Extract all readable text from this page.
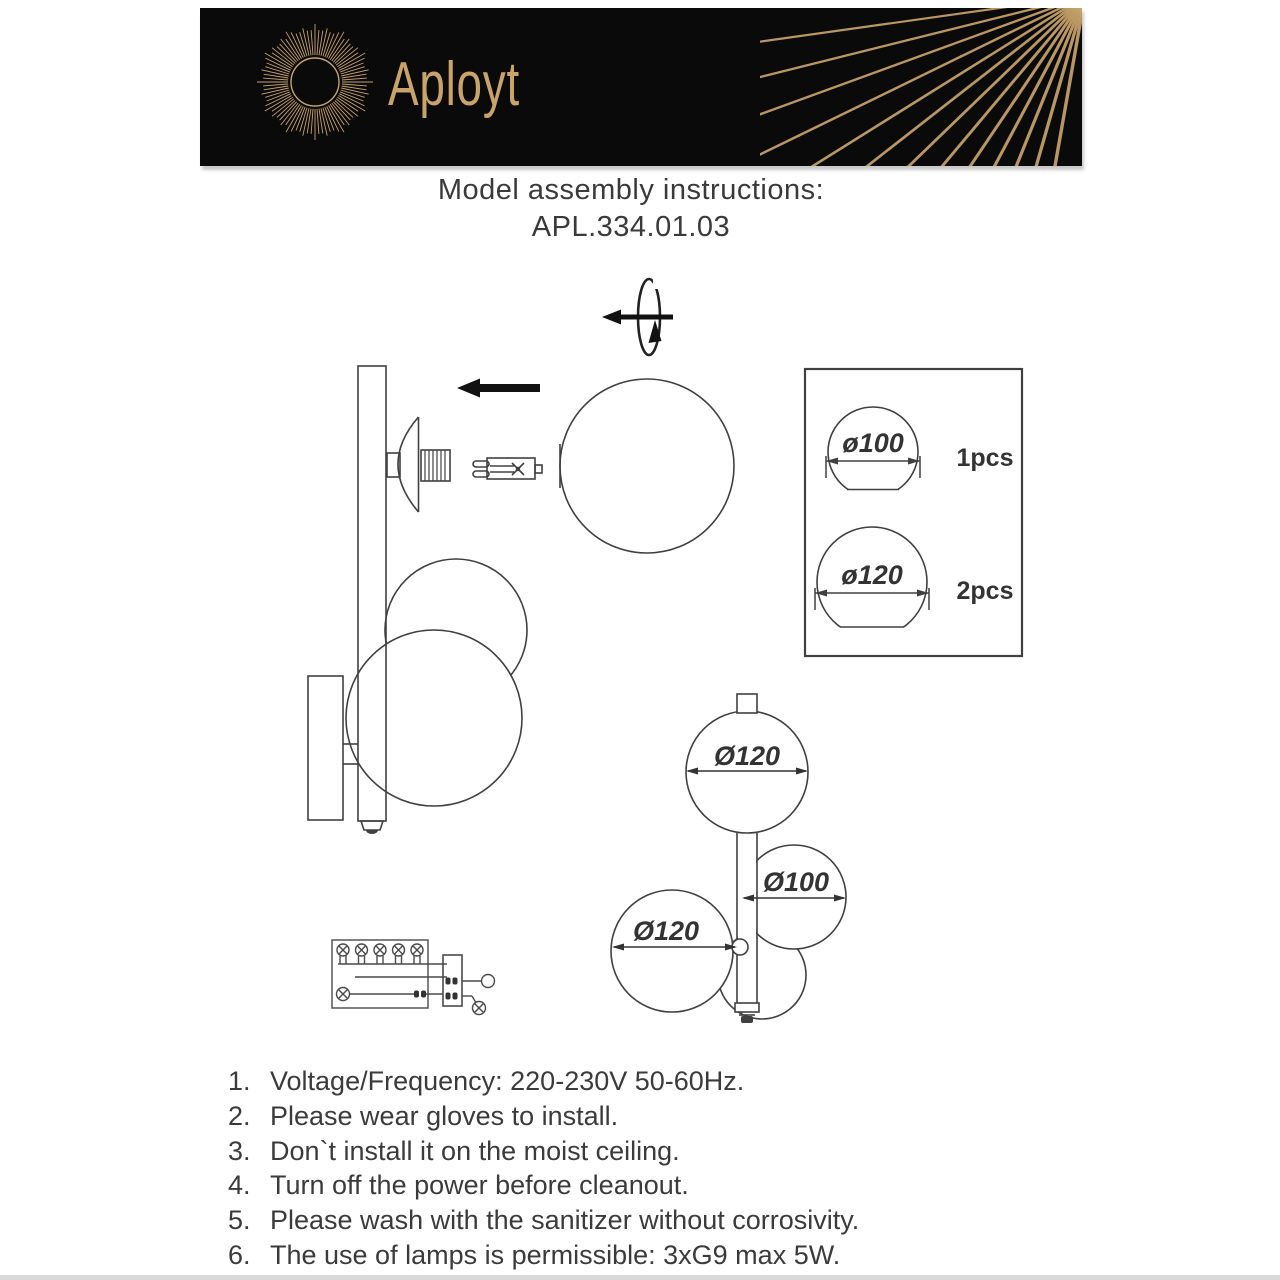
Aployt
Model assembly instructions:
APL.334.01.03
ø100 1pcs
ø120
2pcs
Ø120
Ø100
Ø120
1. Voltage/Frequency: 220-230V 50-60Hz.
2. Please wear gloves to install.
3. Don`t install it on the moist ceiling.
4. Turn off the power before cleanout.
5. Please wash with the sanitizer without corrosivity.
6. The use of lamps is permissible: 3xG9 max 5W.
